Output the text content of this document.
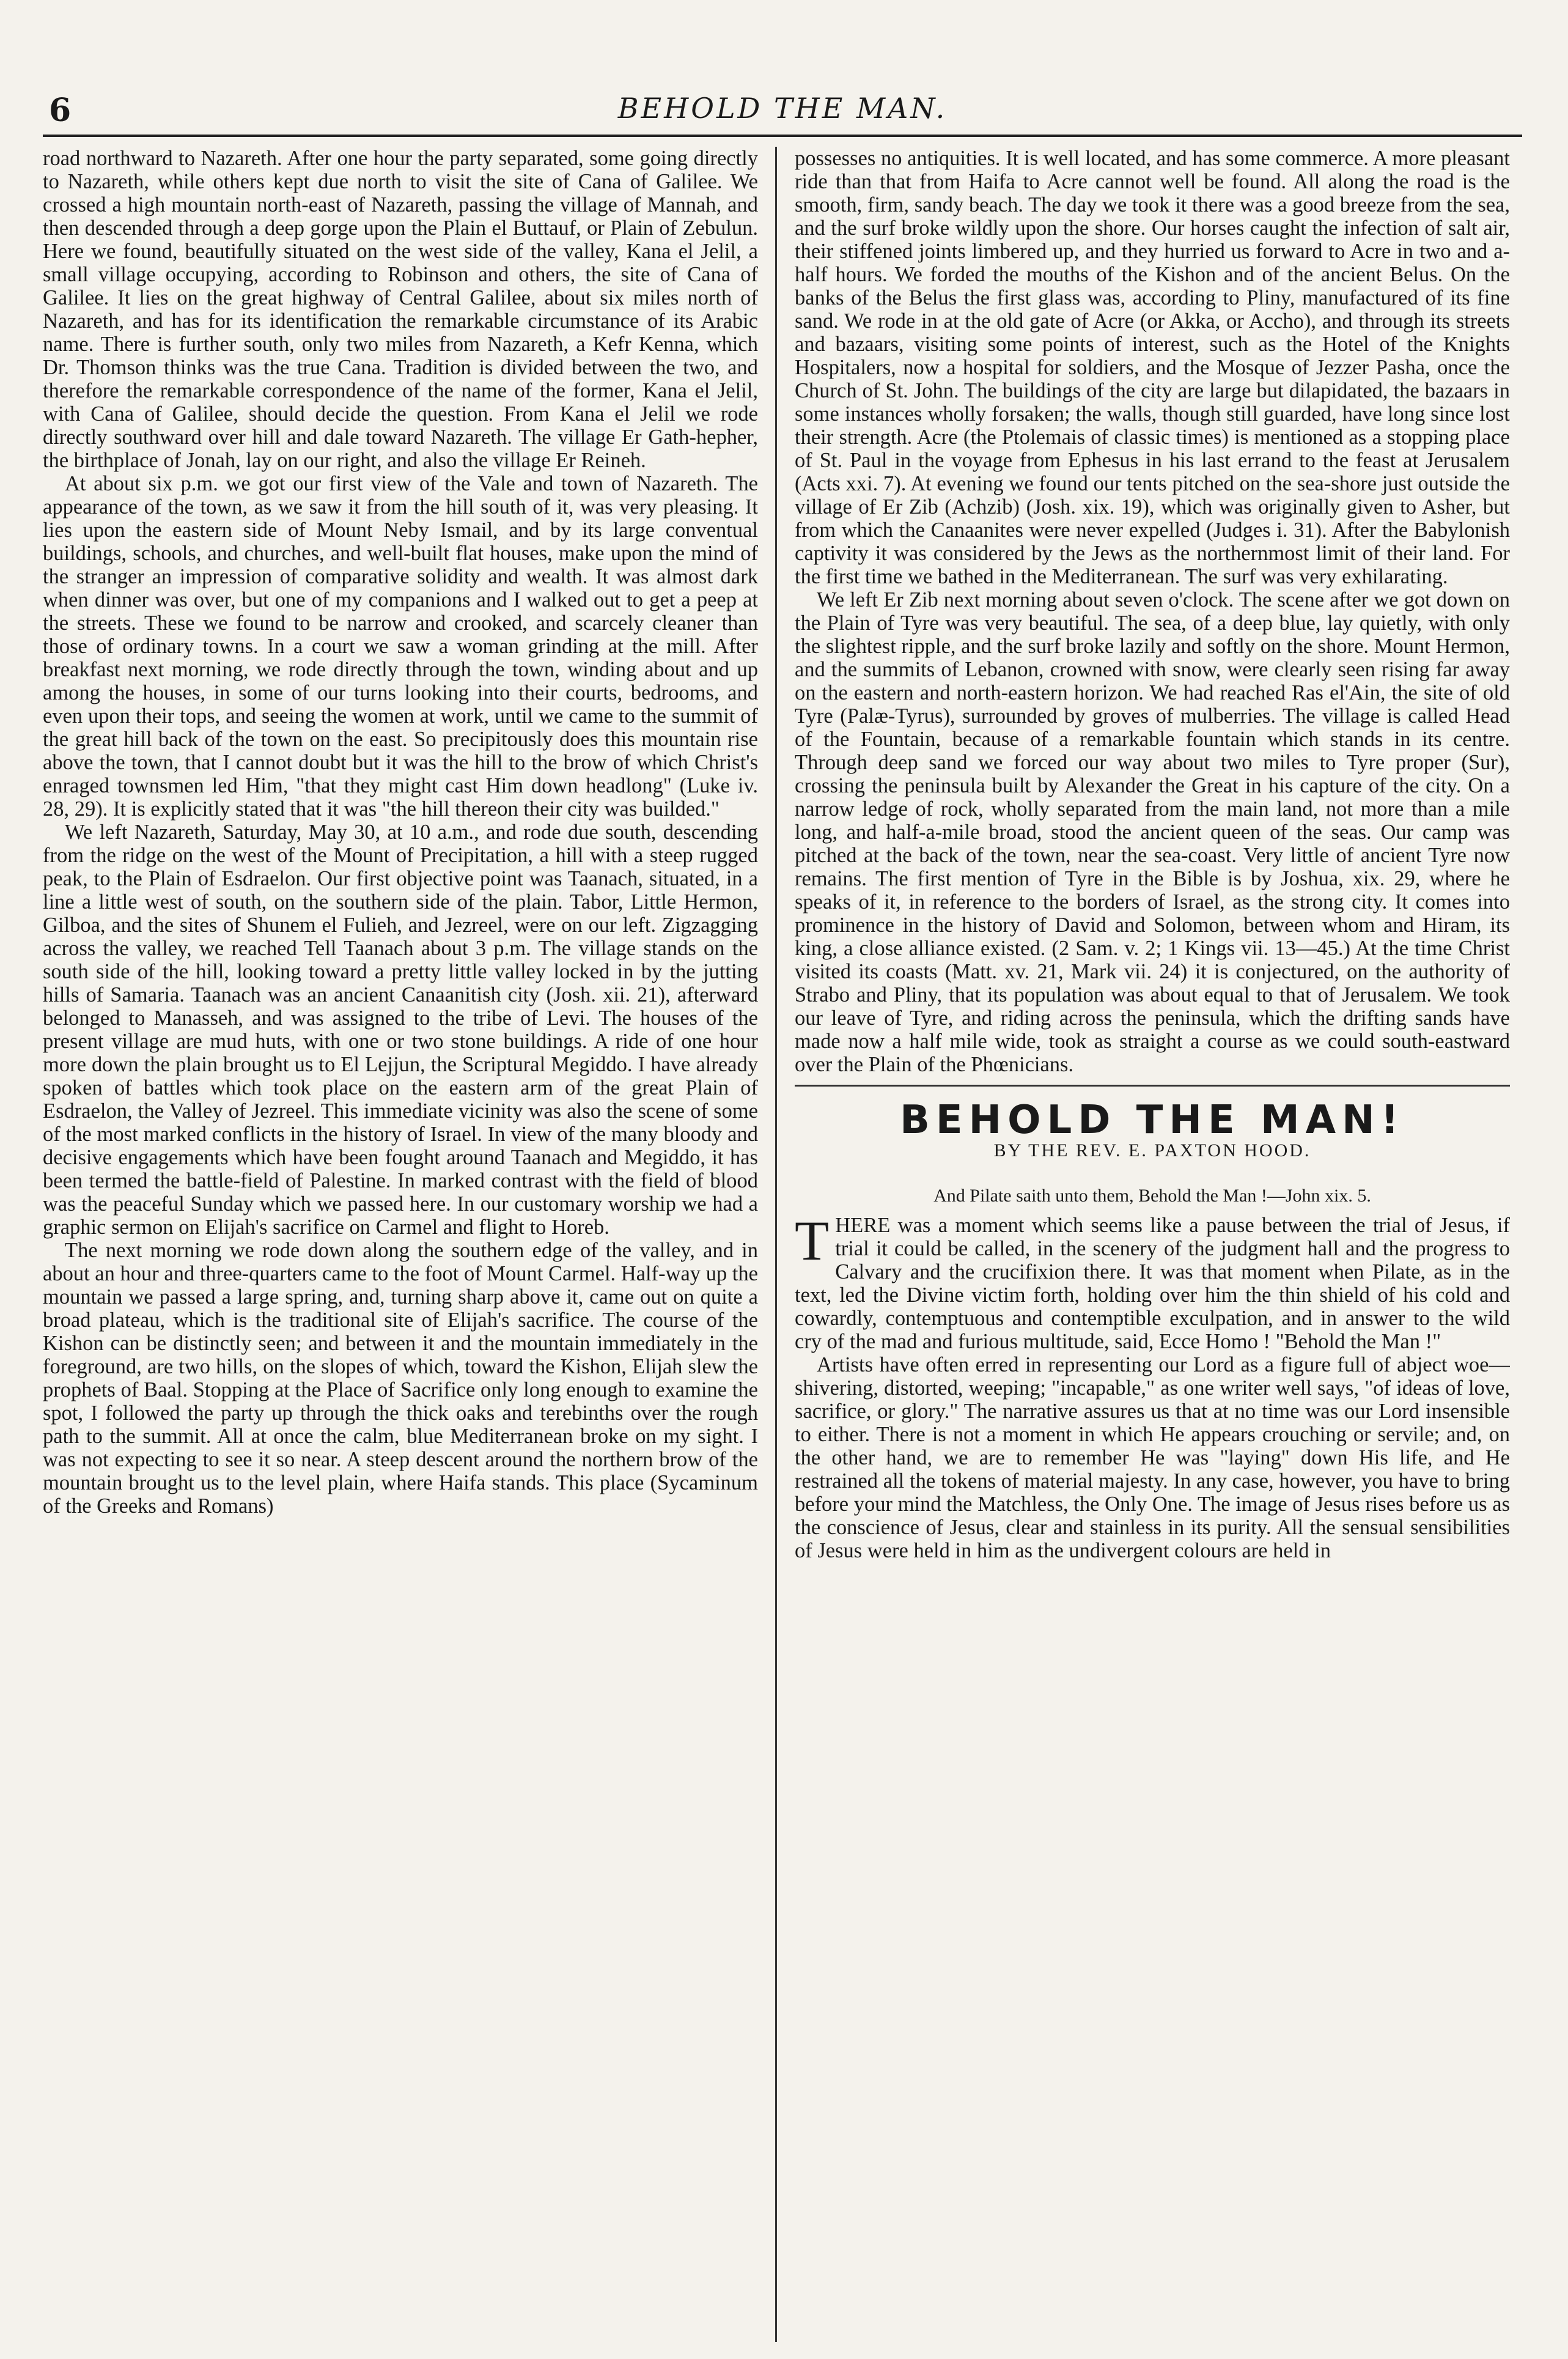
6	BEHOLD THE MAN.

road northward to Nazareth. After one hour the party separated, some going directly to Nazareth, while others kept due north to visit the site of Cana of Galilee. We crossed a high mountain north-east of Nazareth, passing the village of Mannah, and then descended through a deep gorge upon the Plain el Buttauf, or Plain of Zebulun. Here we found, beautifully situated on the west side of the valley, Kana el Jelil, a small village occupying, according to Robinson and others, the site of Cana of Galilee. It lies on the great highway of Central Galilee, about six miles north of Nazareth, and has for its identification the remarkable circumstance of its Arabic name. There is further south, only two miles from Nazareth, a Kefr Kenna, which Dr. Thomson thinks was the true Cana. Tradition is divided between the two, and therefore the remarkable correspondence of the name of the former, Kana el Jelil, with Cana of Galilee, should decide the question. From Kana el Jelil we rode directly southward over hill and dale toward Nazareth. The village Er Gath-hepher, the birthplace of Jonah, lay on our right, and also the village Er Reineh.

At about six p.m. we got our first view of the Vale and town of Nazareth. The appearance of the town, as we saw it from the hill south of it, was very pleasing. It lies upon the eastern side of Mount Neby Ismail, and by its large conventual buildings, schools, and churches, and well-built flat houses, make upon the mind of the stranger an impression of comparative solidity and wealth. It was almost dark when dinner was over, but one of my companions and I walked out to get a peep at the streets. These we found to be narrow and crooked, and scarcely cleaner than those of ordinary towns. In a court we saw a woman grinding at the mill. After breakfast next morning, we rode directly through the town, winding about and up among the houses, in some of our turns looking into their courts, bedrooms, and even upon their tops, and seeing the women at work, until we came to the summit of the great hill back of the town on the east. So precipitously does this mountain rise above the town, that I cannot doubt but it was the hill to the brow of which Christ's enraged townsmen led Him, "that they might cast Him down headlong" (Luke iv. 28, 29). It is explicitly stated that it was "the hill thereon their city was builded."

We left Nazareth, Saturday, May 30, at 10 a.m., and rode due south, descending from the ridge on the west of the Mount of Precipitation, a hill with a steep rugged peak, to the Plain of Esdraelon. Our first objective point was Taanach, situated, in a line a little west of south, on the southern side of the plain. Tabor, Little Hermon, Gilboa, and the sites of Shunem el Fulieh, and Jezreel, were on our left. Zigzagging across the valley, we reached Tell Taanach about 3 p.m. The village stands on the south side of the hill, looking toward a pretty little valley locked in by the jutting hills of Samaria. Taanach was an ancient Canaanitish city (Josh. xii. 21), afterward belonged to Manasseh, and was assigned to the tribe of Levi. The houses of the present village are mud huts, with one or two stone buildings. A ride of one hour more down the plain brought us to El Lejjun, the Scriptural Megiddo. I have already spoken of battles which took place on the eastern arm of the great Plain of Esdraelon, the Valley of Jezreel. This immediate vicinity was also the scene of some of the most marked conflicts in the history of Israel. In view of the many bloody and decisive engagements which have been fought around Taanach and Megiddo, it has been termed the battle-field of Palestine. In marked contrast with the field of blood was the peaceful Sunday which we passed here. In our customary worship we had a graphic sermon on Elijah's sacrifice on Carmel and flight to Horeb.

The next morning we rode down along the southern edge of the valley, and in about an hour and three-quarters came to the foot of Mount Carmel. Half-way up the mountain we passed a large spring, and, turning sharp above it, came out on quite a broad plateau, which is the traditional site of Elijah's sacrifice. The course of the Kishon can be distinctly seen; and between it and the mountain immediately in the foreground, are two hills, on the slopes of which, toward the Kishon, Elijah slew the prophets of Baal. Stopping at the Place of Sacrifice only long enough to examine the spot, I followed the party up through the thick oaks and terebinths over the rough path to the summit. All at once the calm, blue Mediterranean broke on my sight. I was not expecting to see it so near. A steep descent around the northern brow of the mountain brought us to the level plain, where Haifa stands. This place (Sycaminum of the Greeks and Romans)

possesses no antiquities. It is well located, and has some commerce. A more pleasant ride than that from Haifa to Acre cannot well be found. All along the road is the smooth, firm, sandy beach. The day we took it there was a good breeze from the sea, and the surf broke wildly upon the shore. Our horses caught the infection of salt air, their stiffened joints limbered up, and they hurried us forward to Acre in two and a-half hours. We forded the mouths of the Kishon and of the ancient Belus. On the banks of the Belus the first glass was, according to Pliny, manufactured of its fine sand. We rode in at the old gate of Acre (or Akka, or Accho), and through its streets and bazaars, visiting some points of interest, such as the Hotel of the Knights Hospitalers, now a hospital for soldiers, and the Mosque of Jezzer Pasha, once the Church of St. John. The buildings of the city are large but dilapidated, the bazaars in some instances wholly forsaken; the walls, though still guarded, have long since lost their strength. Acre (the Ptolemais of classic times) is mentioned as a stopping place of St. Paul in the voyage from Ephesus in his last errand to the feast at Jerusalem (Acts xxi. 7). At evening we found our tents pitched on the sea-shore just outside the village of Er Zib (Achzib) (Josh. xix. 19), which was originally given to Asher, but from which the Canaanites were never expelled (Judges i. 31). After the Babylonish captivity it was considered by the Jews as the northernmost limit of their land. For the first time we bathed in the Mediterranean. The surf was very exhilarating.

We left Er Zib next morning about seven o'clock. The scene after we got down on the Plain of Tyre was very beautiful. The sea, of a deep blue, lay quietly, with only the slightest ripple, and the surf broke lazily and softly on the shore. Mount Hermon, and the summits of Lebanon, crowned with snow, were clearly seen rising far away on the eastern and north-eastern horizon. We had reached Ras el'Ain, the site of old Tyre (Palæ-Tyrus), surrounded by groves of mulberries. The village is called Head of the Fountain, because of a remarkable fountain which stands in its centre. Through deep sand we forced our way about two miles to Tyre proper (Sur), crossing the peninsula built by Alexander the Great in his capture of the city. On a narrow ledge of rock, wholly separated from the main land, not more than a mile long, and half-a-mile broad, stood the ancient queen of the seas. Our camp was pitched at the back of the town, near the sea-coast. Very little of ancient Tyre now remains. The first mention of Tyre in the Bible is by Joshua, xix. 29, where he speaks of it, in reference to the borders of Israel, as the strong city. It comes into prominence in the history of David and Solomon, between whom and Hiram, its king, a close alliance existed. (2 Sam. v. 2; 1 Kings vii. 13—45.) At the time Christ visited its coasts (Matt. xv. 21, Mark vii. 24) it is conjectured, on the authority of Strabo and Pliny, that its population was about equal to that of Jerusalem. We took our leave of Tyre, and riding across the peninsula, which the drifting sands have made now a half mile wide, took as straight a course as we could south-eastward over the Plain of the Phœnicians.

BEHOLD THE MAN!
BY THE REV. E. PAXTON HOOD.
And Pilate saith unto them, Behold the Man !—John xix. 5.

THERE was a moment which seems like a pause between the trial of Jesus, if trial it could be called, in the scenery of the judgment hall and the progress to Calvary and the crucifixion there. It was that moment when Pilate, as in the text, led the Divine victim forth, holding over him the thin shield of his cold and cowardly, contemptuous and contemptible exculpation, and in answer to the wild cry of the mad and furious multitude, said, Ecce Homo ! "Behold the Man !"

Artists have often erred in representing our Lord as a figure full of abject woe—shivering, distorted, weeping; "incapable," as one writer well says, "of ideas of love, sacrifice, or glory." The narrative assures us that at no time was our Lord insensible to either. There is not a moment in which He appears crouching or servile; and, on the other hand, we are to remember He was "laying" down His life, and He restrained all the tokens of material majesty. In any case, however, you have to bring before your mind the Matchless, the Only One. The image of Jesus rises before us as the conscience of Jesus, clear and stainless in its purity. All the sensual sensibilities of Jesus were held in him as the undivergent colours are held in
